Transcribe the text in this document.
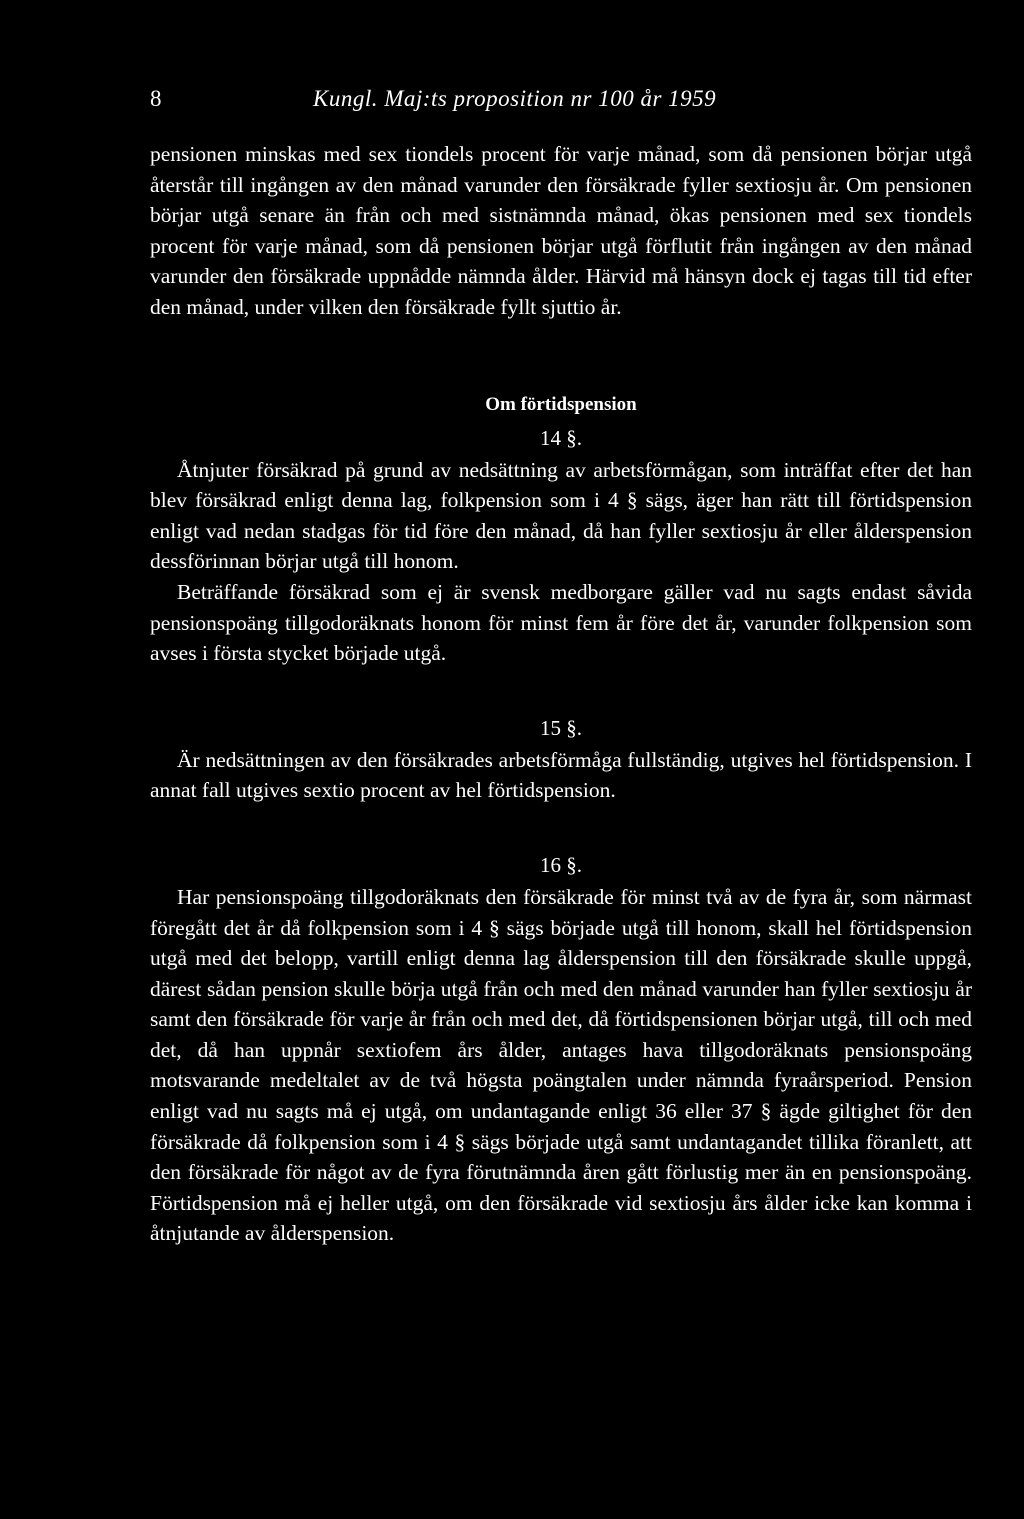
8	Kungl. Maj:ts proposition nr 100 år 1959

pensionen minskas med sex tiondels procent för varje månad, som då pensionen börjar utgå återstår till ingången av den månad varunder den försäkrade fyller sextiosju år. Om pensionen börjar utgå senare än från och med sistnämnda månad, ökas pensionen med sex tiondels procent för varje månad, som då pensionen börjar utgå förflutit från ingången av den månad varunder den försäkrade uppnådde nämnda ålder. Härvid må hänsyn dock ej tagas till tid efter den månad, under vilken den försäkrade fyllt sjuttio år.

Om förtidspension
14 §.

Åtnjuter försäkrad på grund av nedsättning av arbetsförmågan, som inträffat efter det han blev försäkrad enligt denna lag, folkpension som i 4 § sägs, äger han rätt till förtidspension enligt vad nedan stadgas för tid före den månad, då han fyller sextiosju år eller ålderspension dessförinnan börjar utgå till honom.

Beträffande försäkrad som ej är svensk medborgare gäller vad nu sagts endast såvida pensionspoäng tillgodoräknats honom för minst fem år före det år, varunder folkpension som avses i första stycket började utgå.

15 §.

Är nedsättningen av den försäkrades arbetsförmåga fullständig, utgives hel förtidspension. I annat fall utgives sextio procent av hel förtidspension.

16 §.

Har pensionspoäng tillgodoräknats den försäkrade för minst två av de fyra år, som närmast föregått det år då folkpension som i 4 § sägs började utgå till honom, skall hel förtidspension utgå med det belopp, vartill enligt denna lag ålderspension till den försäkrade skulle uppgå, därest sådan pension skulle börja utgå från och med den månad varunder han fyller sextiosju år samt den försäkrade för varje år från och med det, då förtidspensionen börjar utgå, till och med det, då han uppnår sextiofem års ålder, antages hava tillgodoräknats pensionspoäng motsvarande medeltalet av de två högsta poängtalen under nämnda fyraårsperiod. Pension enligt vad nu sagts må ej utgå, om undantagande enligt 36 eller 37 § ägde giltighet för den försäkrade då folkpension som i 4 § sägs började utgå samt undantagandet tillika föranlett, att den försäkrade för något av de fyra förutnämnda åren gått förlustig mer än en pensionspoäng. Förtidspension må ej heller utgå, om den försäkrade vid sextiosju års ålder icke kan komma i åtnjutande av ålderspension.
